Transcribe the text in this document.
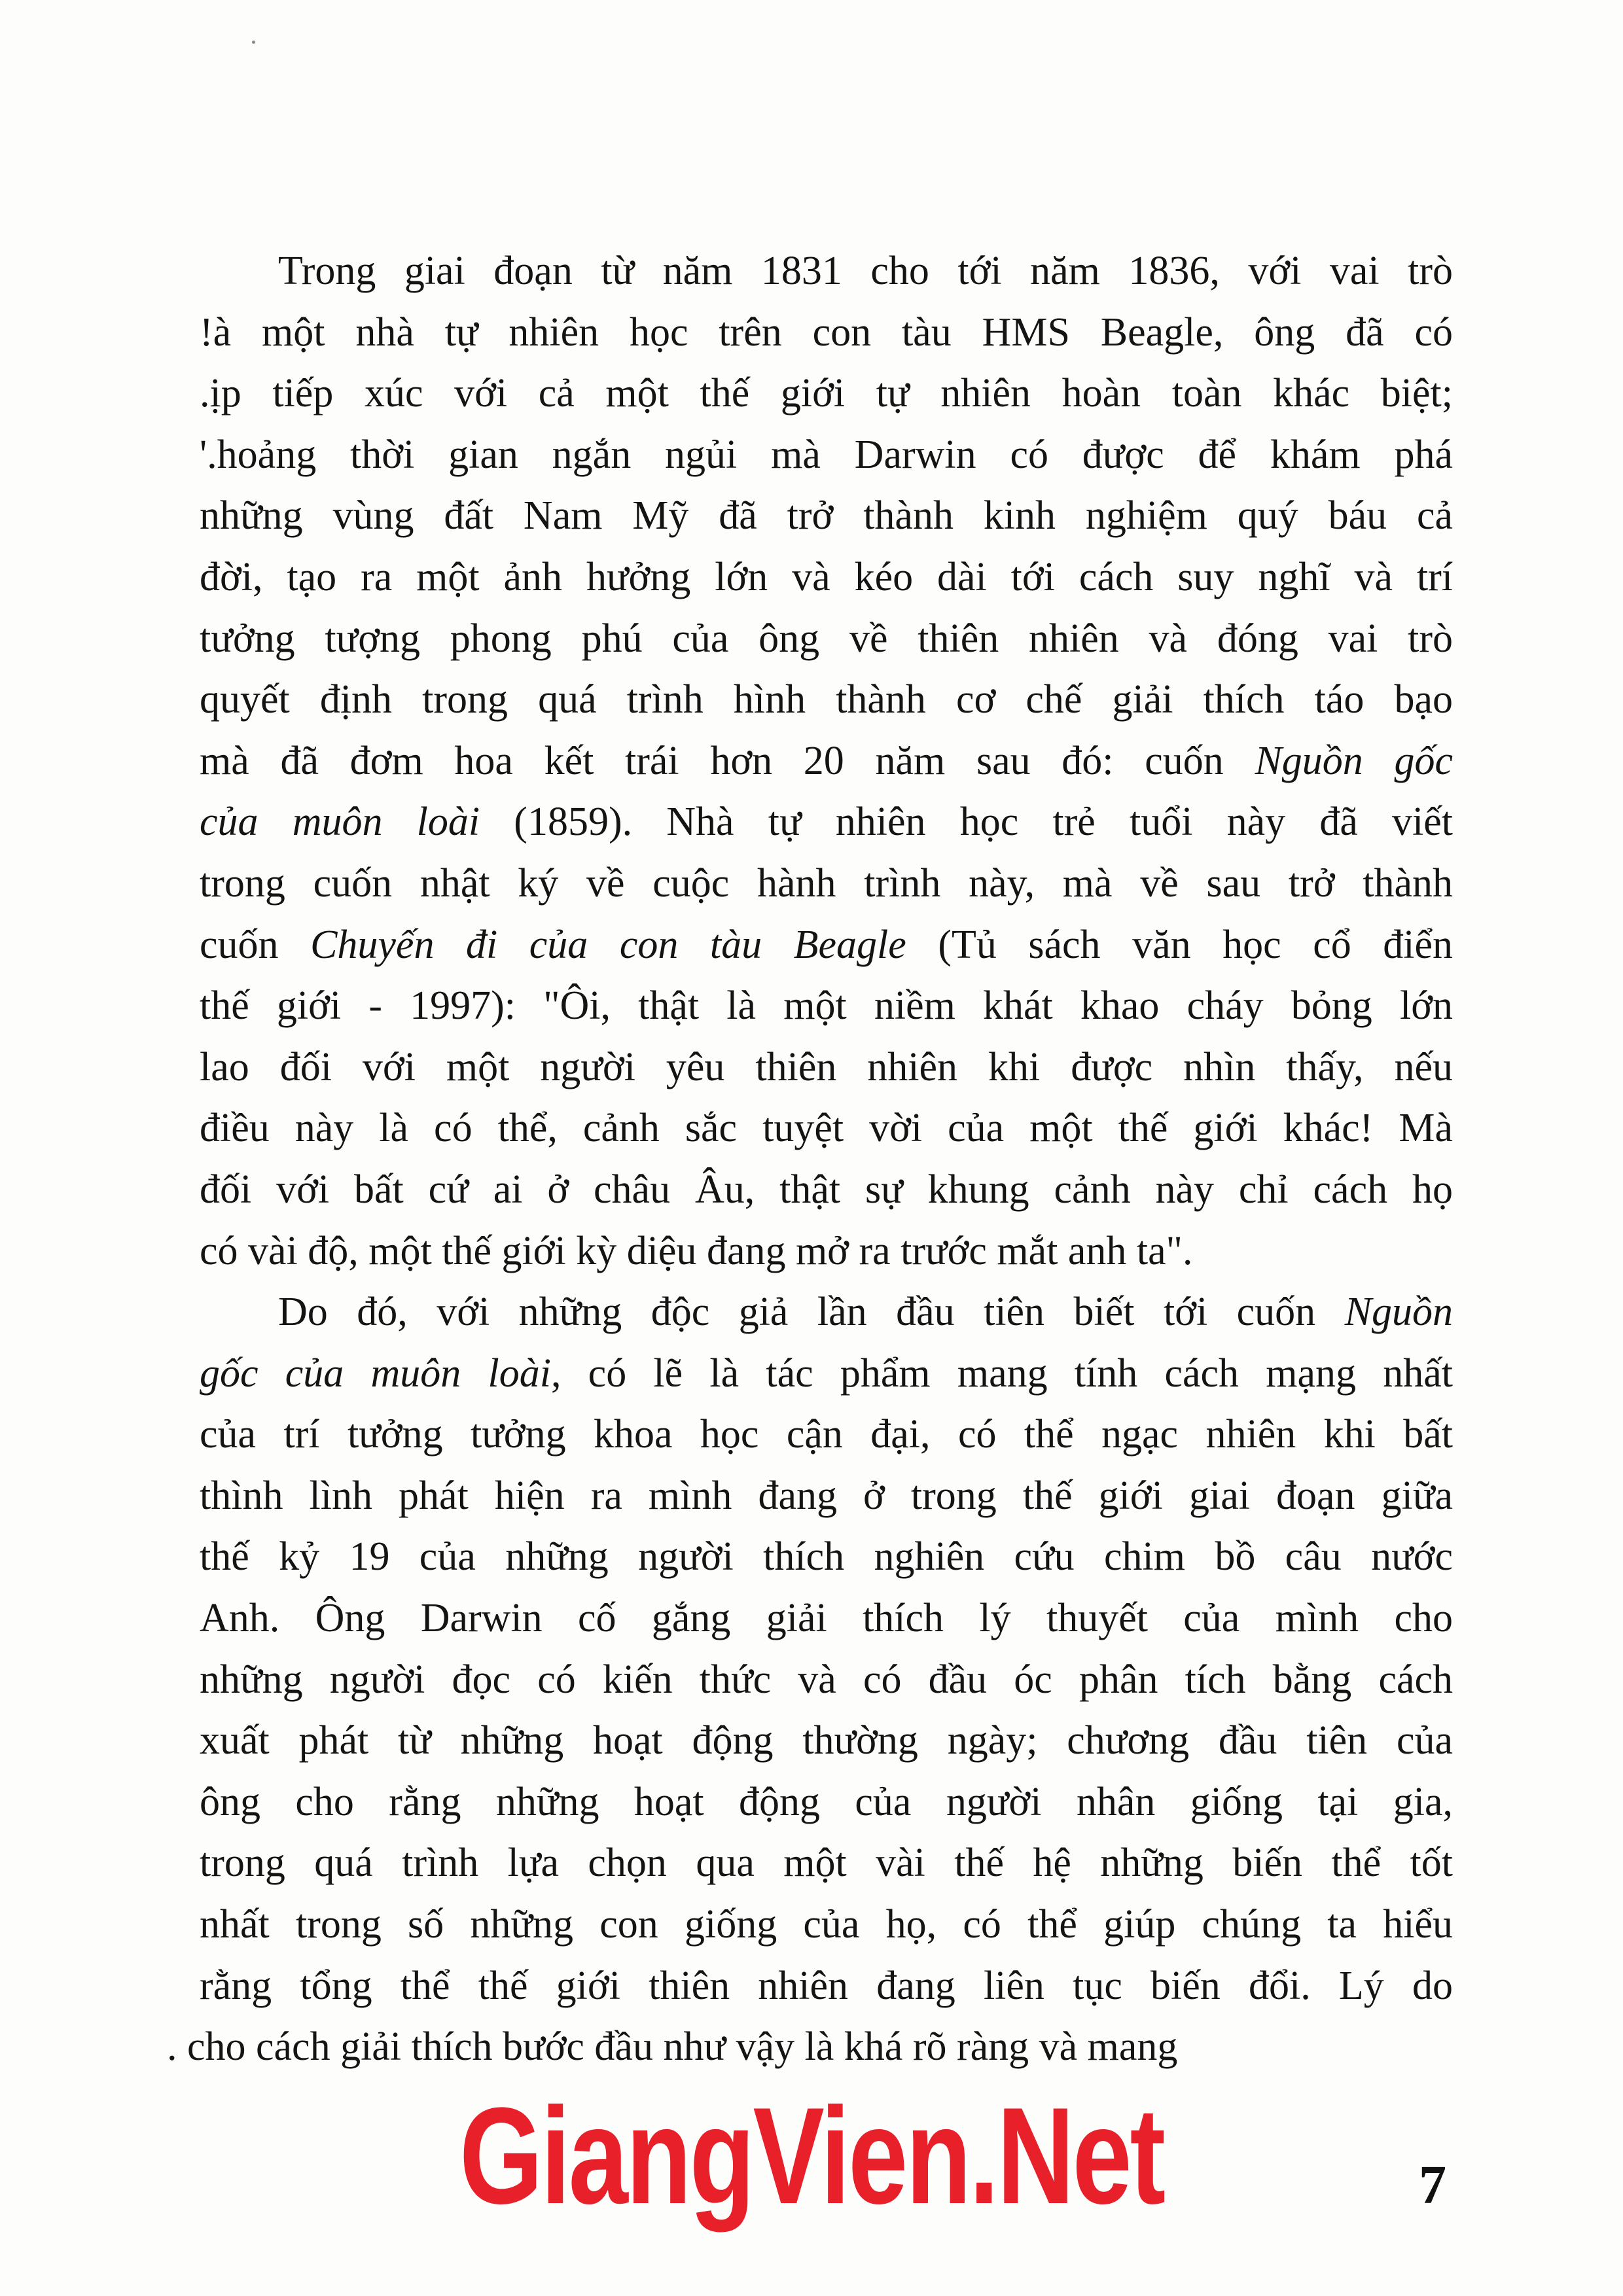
Trong giai đoạn từ năm 1831 cho tới năm 1836, với vai trò
!à một nhà tự nhiên học trên con tàu HMS Beagle, ông đã có
.ịp tiếp xúc với cả một thế giới tự nhiên hoàn toàn khác biệt;
'.hoảng thời gian ngắn ngủi mà Darwin có được để khám phá
những vùng đất Nam Mỹ đã trở thành kinh nghiệm quý báu cả
đời, tạo ra một ảnh hưởng lớn và kéo dài tới cách suy nghĩ và trí
tưởng tượng phong phú của ông về thiên nhiên và đóng vai trò
quyết định trong quá trình hình thành cơ chế giải thích táo bạo
mà đã đơm hoa kết trái hơn 20 năm sau đó: cuốn Nguồn gốc
của muôn loài (1859). Nhà tự nhiên học trẻ tuổi này đã viết
trong cuốn nhật ký về cuộc hành trình này, mà về sau trở thành
cuốn Chuyến đi của con tàu Beagle (Tủ sách văn học cổ điển
thế giới - 1997): "Ôi, thật là một niềm khát khao cháy bỏng lớn
lao đối với một người yêu thiên nhiên khi được nhìn thấy, nếu
điều này là có thể, cảnh sắc tuyệt vời của một thế giới khác! Mà
đối với bất cứ ai ở châu Âu, thật sự khung cảnh này chỉ cách họ
có vài độ, một thế giới kỳ diệu đang mở ra trước mắt anh ta".
Do đó, với những độc giả lần đầu tiên biết tới cuốn Nguồn
gốc của muôn loài, có lẽ là tác phẩm mang tính cách mạng nhất
của trí tưởng tưởng khoa học cận đại, có thể ngạc nhiên khi bất
thình lình phát hiện ra mình đang ở trong thế giới giai đoạn giữa
thế kỷ 19 của những người thích nghiên cứu chim bồ câu nước
Anh. Ông Darwin cố gắng giải thích lý thuyết của mình cho
những người đọc có kiến thức và có đầu óc phân tích bằng cách
xuất phát từ những hoạt động thường ngày; chương đầu tiên của
ông cho rằng những hoạt động của người nhân giống tại gia,
trong quá trình lựa chọn qua một vài thế hệ những biến thể tốt
nhất trong số những con giống của họ, có thể giúp chúng ta hiểu
rằng tổng thể thế giới thiên nhiên đang liên tục biến đổi. Lý do
. cho cách giải thích bước đầu như vậy là khá rõ ràng và mang
GiangVien.Net	7
